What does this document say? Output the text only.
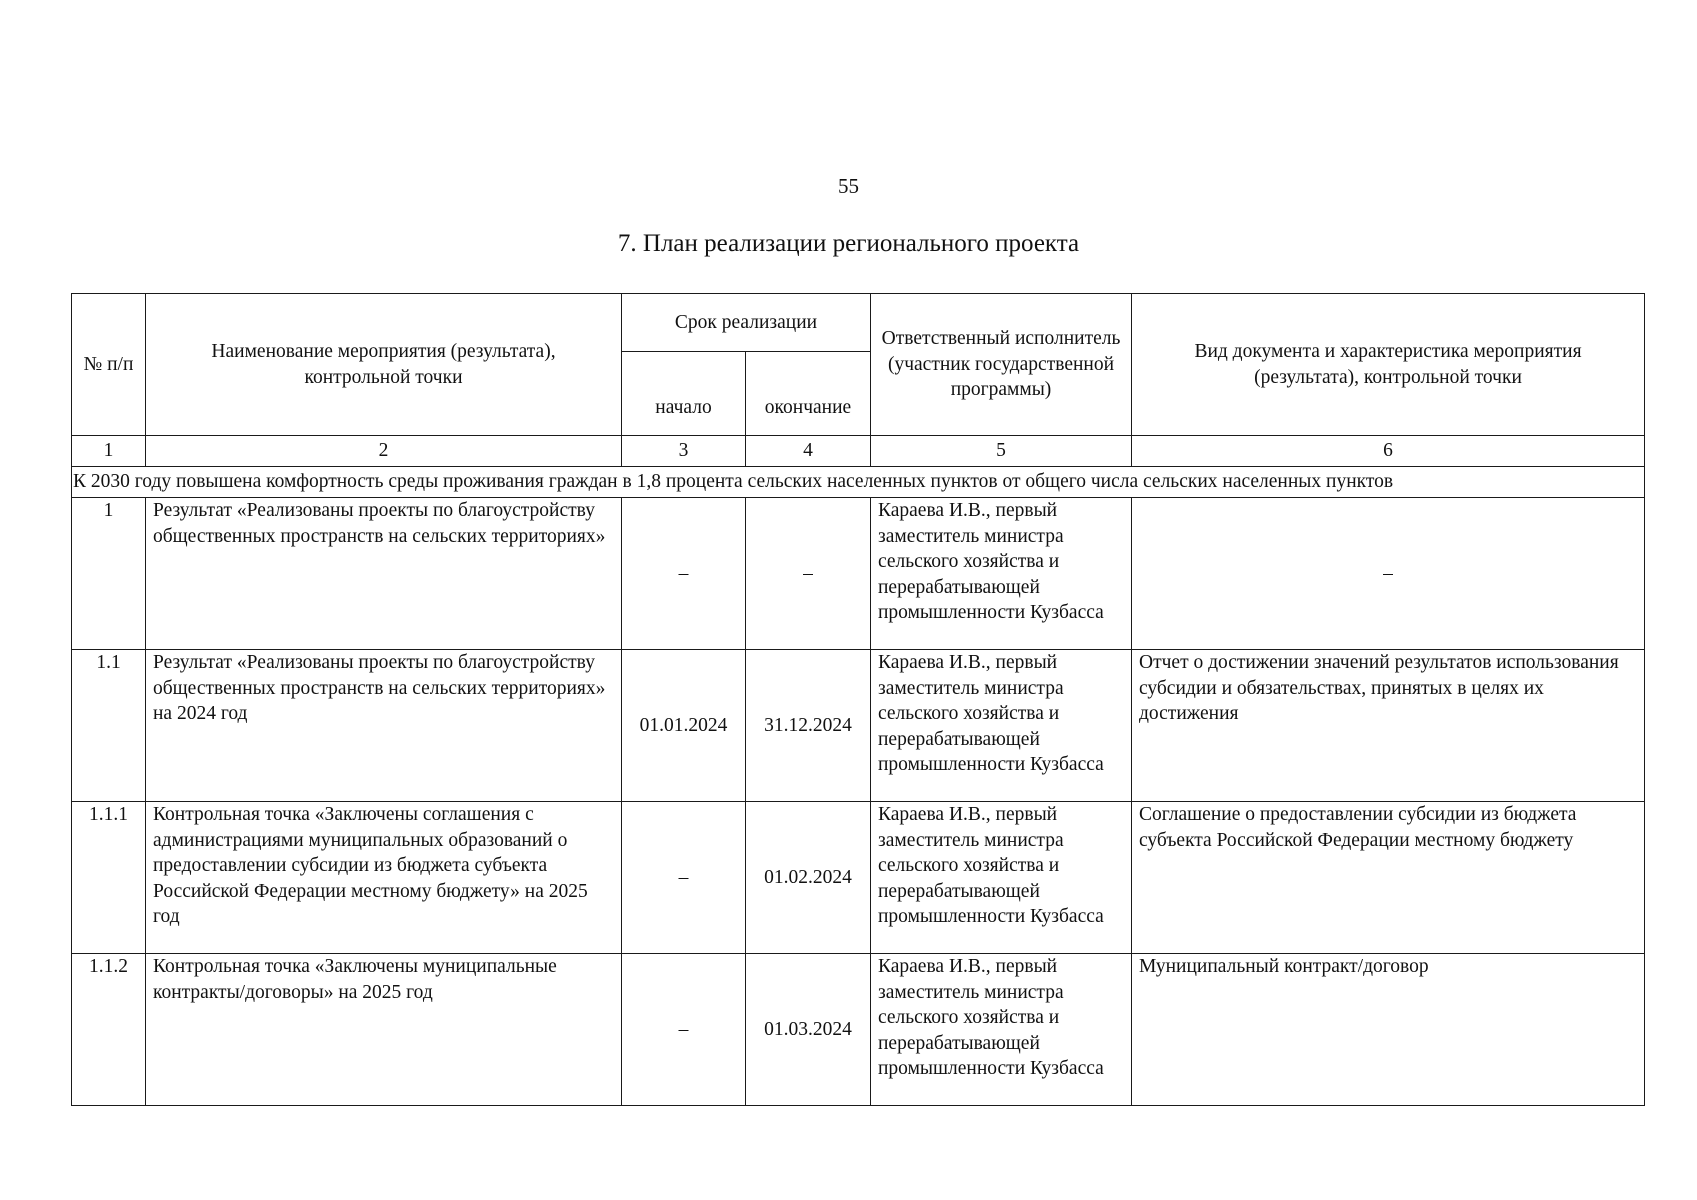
55
7. План реализации регионального проекта
№ п/п	Наименование мероприятия (результата), контрольной точки	Срок реализации		Ответственный исполнитель (участник государственной программы)	Вид документа и характеристика мероприятия (результата), контрольной точки
		начало	окончание		
1	2	3	4	5	6
К 2030 году повышена комфортность среды проживания граждан в 1,8 процента сельских населенных пунктов от общего числа сельских населенных пунктов					
1	Результат «Реализованы проекты по благоустройству общественных пространств на сельских территориях»	–	–	Караева И.В., первый заместитель министра сельского хозяйства и перерабатывающей промышленности Кузбасса	–
1.1	Результат «Реализованы проекты по благоустройству общественных пространств на сельских территориях» на 2024 год	01.01.2024	31.12.2024	Караева И.В., первый заместитель министра сельского хозяйства и перерабатывающей промышленности Кузбасса	Отчет о достижении значений результатов использования субсидии и обязательствах, принятых в целях их достижения
1.1.1	Контрольная точка «Заключены соглашения с администрациями муниципальных образований о предоставлении субсидии из бюджета субъекта Российской Федерации местному бюджету» на 2025 год	–	01.02.2024	Караева И.В., первый заместитель министра сельского хозяйства и перерабатывающей промышленности Кузбасса	Соглашение о предоставлении субсидии из бюджета субъекта Российской Федерации местному бюджету
1.1.2	Контрольная точка «Заключены муниципальные контракты/договоры» на 2025 год	–	01.03.2024	Караева И.В., первый заместитель министра сельского хозяйства и перерабатывающей промышленности Кузбасса	Муниципальный контракт/договор
